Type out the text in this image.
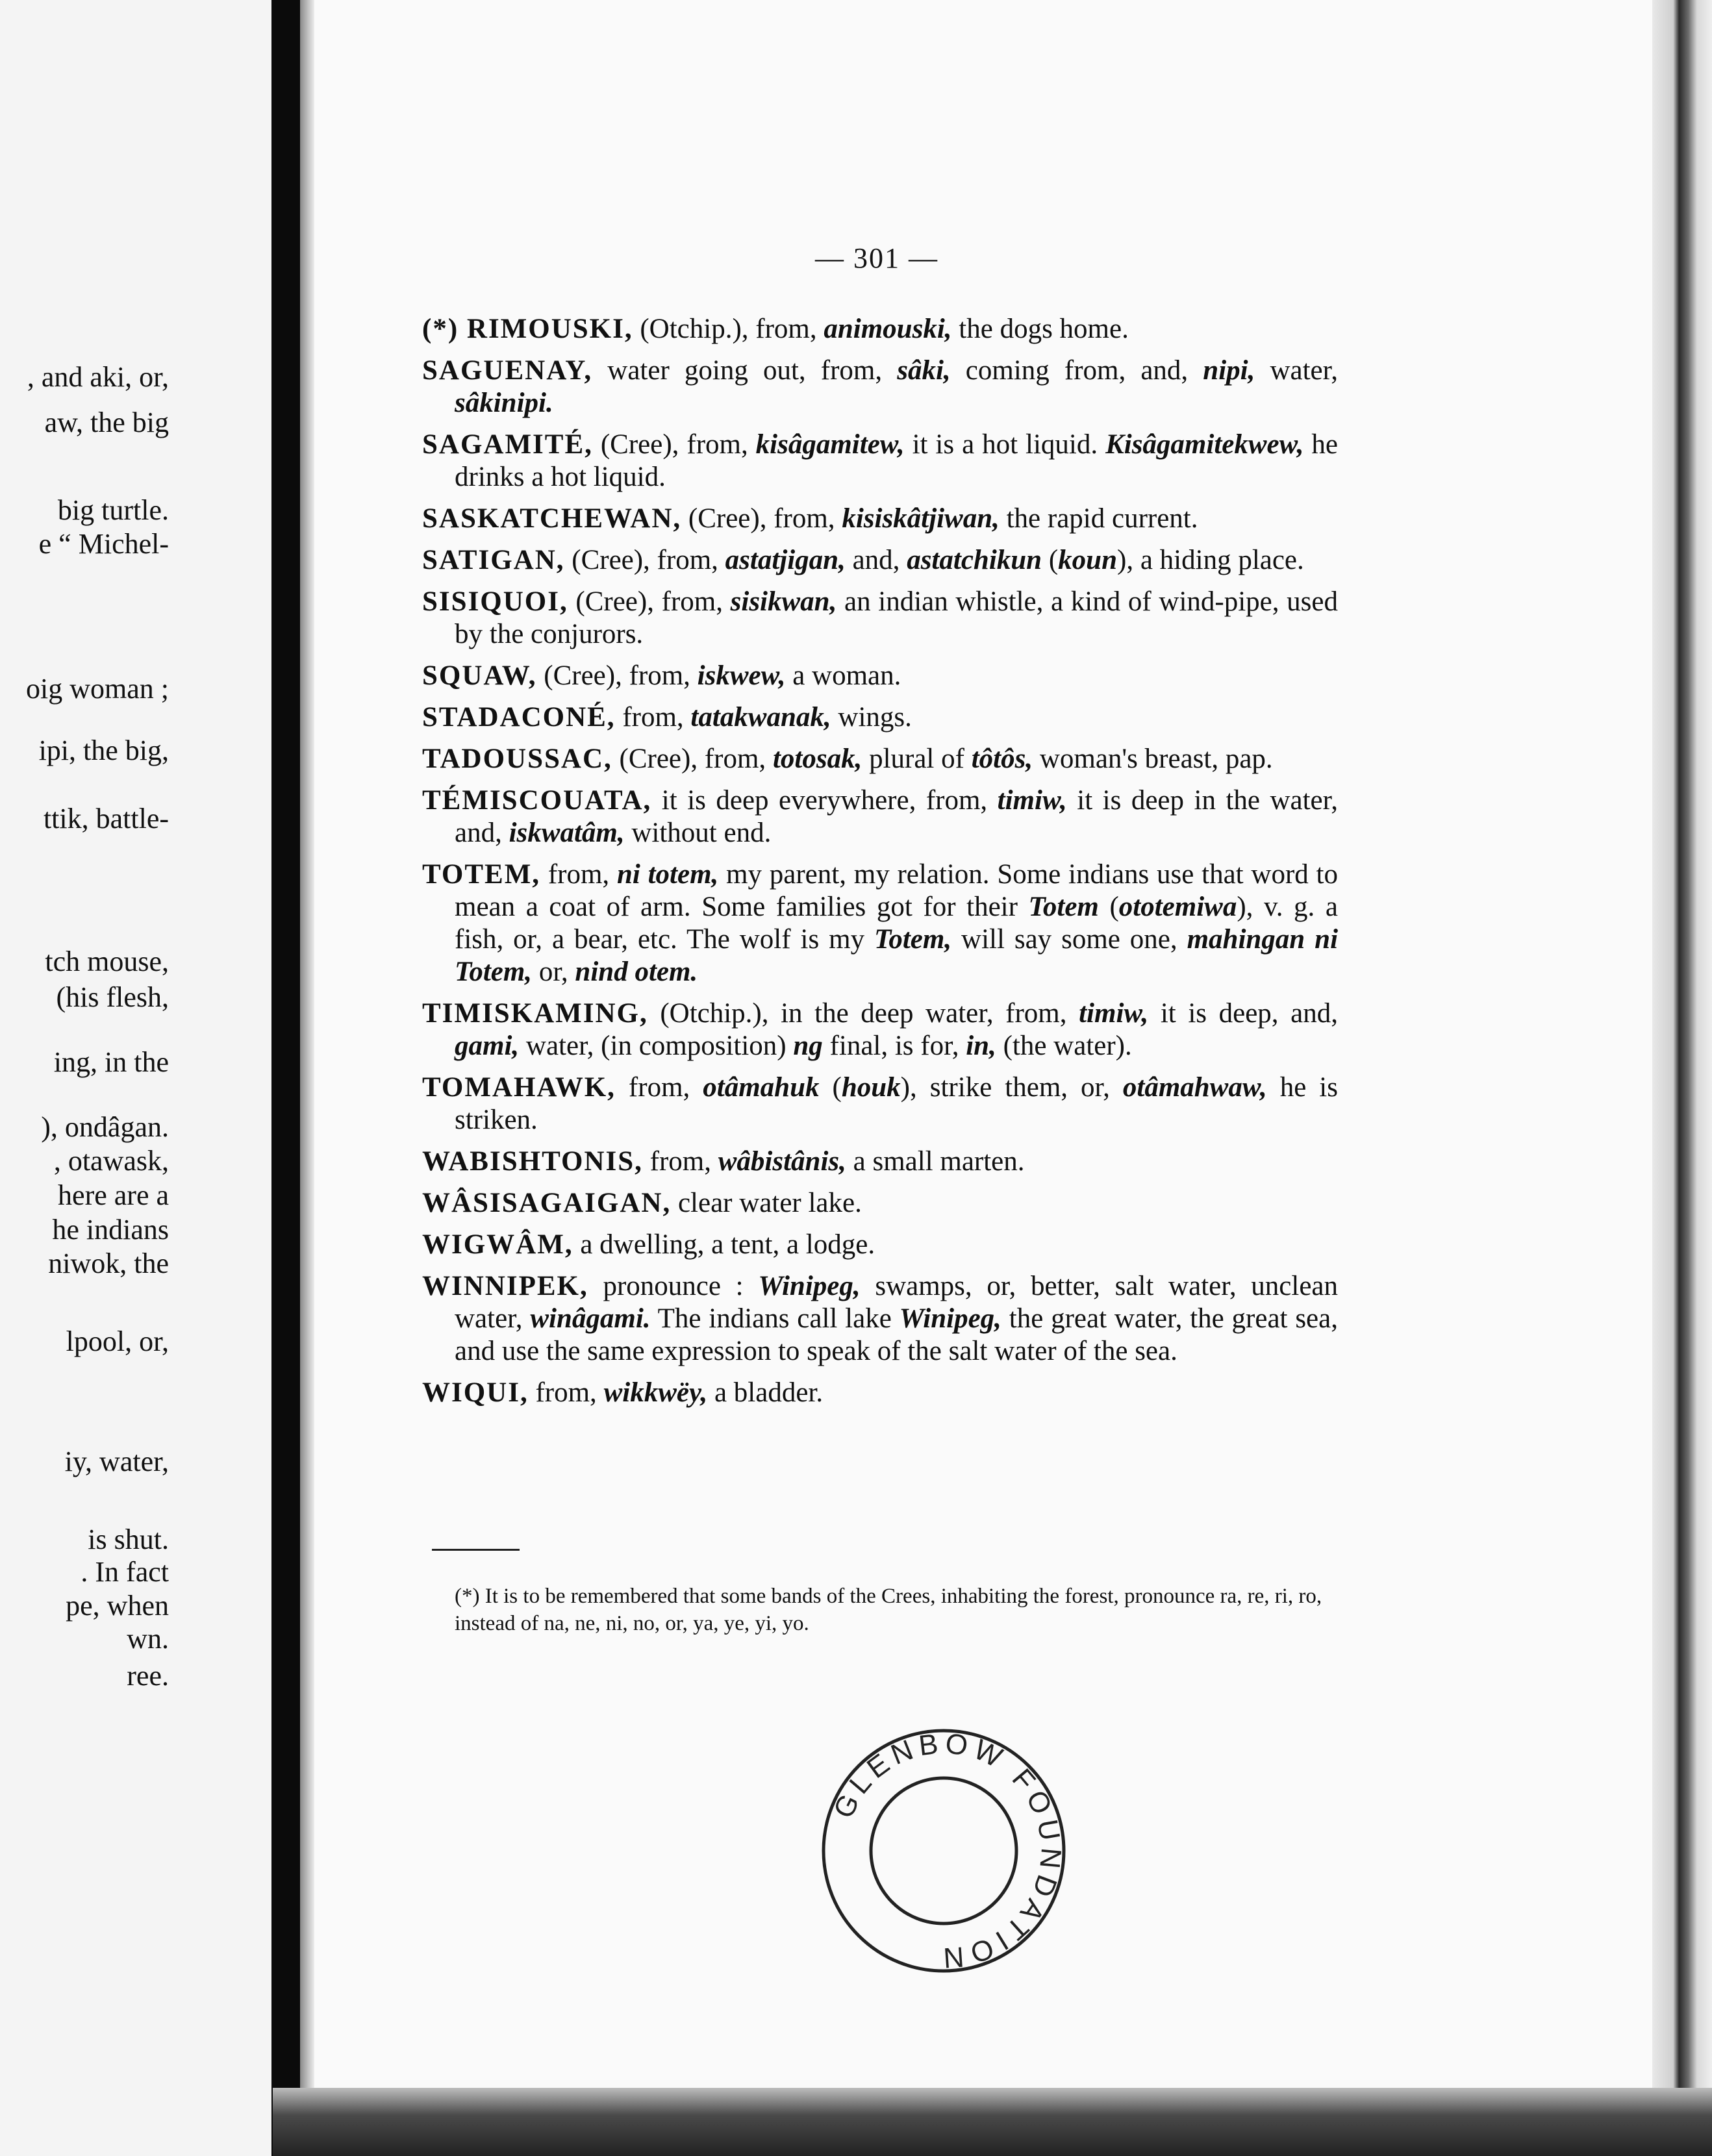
, and aki, or,
aw, the big
big turtle.
e “ Michel-
oig woman ;
ipi, the big,
ttik, battle-
tch mouse,
(his flesh,
ing, in the
), ondâgan.
, otawask,
here are a
he indians
niwok, the
lpool, or,
iy, water,
is shut.
. In fact
pe, when
wn.
ree.
— 301 —

(*) RIMOUSKI, (Otchip.), from, animouski, the dogs home.

SAGUENAY, water going out, from, sâki, coming from, and, nipi, water, sâkinipi.

SAGAMITÉ, (Cree), from, kisâgamitew, it is a hot liquid. Kisâgamitekwew, he drinks a hot liquid.

SASKATCHEWAN, (Cree), from, kisiskâtjiwan, the rapid current.

SATIGAN, (Cree), from, astatjigan, and, astatchikun (koun), a hiding place.

SISIQUOI, (Cree), from, sisikwan, an indian whistle, a kind of wind-pipe, used by the conjurors.

SQUAW, (Cree), from, iskwew, a woman.

STADACONÉ, from, tatakwanak, wings.

TADOUSSAC, (Cree), from, totosak, plural of tôtôs, woman's breast, pap.

TÉMISCOUATA, it is deep everywhere, from, timiw, it is deep in the water, and, iskwatâm, without end.

TOTEM, from, ni totem, my parent, my relation. Some indians use that word to mean a coat of arm. Some families got for their Totem (ototemiwa), v. g. a fish, or, a bear, etc. The wolf is my Totem, will say some one, mahingan ni Totem, or, nind otem.

TIMISKAMING, (Otchip.), in the deep water, from, timiw, it is deep, and, gami, water, (in composition) ng final, is for, in, (the water).

TOMAHAWK, from, otâmahuk (houk), strike them, or, otâmahwaw, he is striken.

WABISHTONIS, from, wâbistânis, a small marten.

WÂSISAGAIGAN, clear water lake.

WIGWÂM, a dwelling, a tent, a lodge.

WINNIPEK, pronounce : Winipeg, swamps, or, better, salt water, unclean water, winâgami. The indians call lake Winipeg, the great water, the great sea, and use the same expression to speak of the salt water of the sea.

WIQUI, from, wikkwëy, a bladder.

(*) It is to be remembered that some bands of the Crees, inhabiting the forest, pronounce ra, re, ri, ro, instead of na, ne, ni, no, or, ya, ye, yi, yo.
GLENBOW FOUNDATION
